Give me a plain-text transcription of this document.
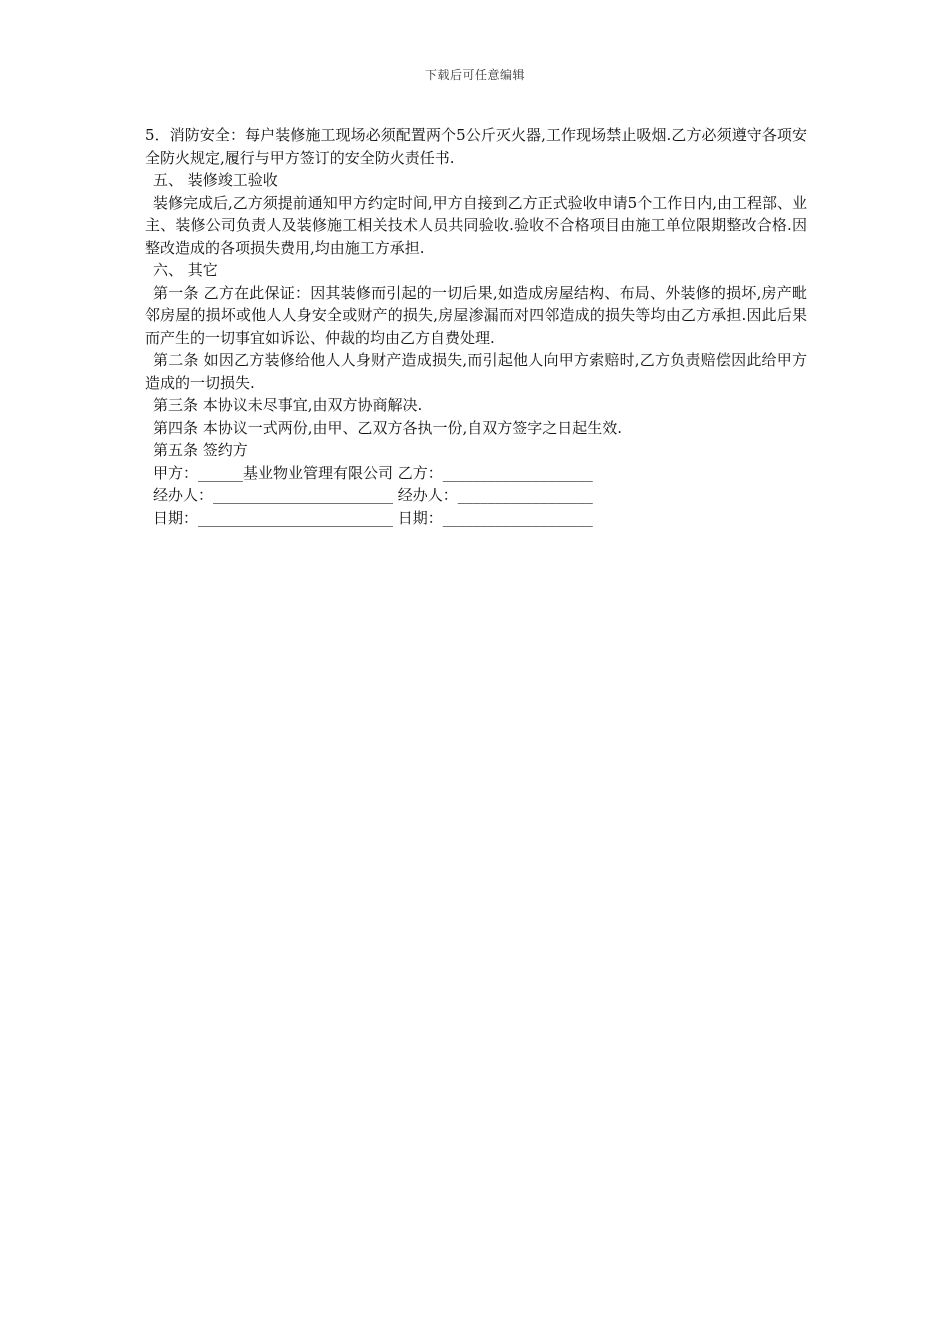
下载后可任意编辑

5．消防安全：每户装修施工现场必须配置两个5公斤灭火器,工作现场禁止吸烟.乙方必须遵守各项安全防火规定,履行与甲方签订的安全防火责任书.

五、 装修竣工验收

装修完成后,乙方须提前通知甲方约定时间,甲方自接到乙方正式验收申请5个工作日内,由工程部、业主、装修公司负责人及装修施工相关技术人员共同验收.验收不合格项目由施工单位限期整改合格.因整改造成的各项损失费用,均由施工方承担.

六、 其它

第一条 乙方在此保证：因其装修而引起的一切后果,如造成房屋结构、布局、外装修的损坏,房产毗邻房屋的损坏或他人人身安全或财产的损失,房屋渗漏而对四邻造成的损失等均由乙方承担.因此后果而产生的一切事宜如诉讼、仲裁的均由乙方自费处理.

第二条 如因乙方装修给他人人身财产造成损失,而引起他人向甲方索赔时,乙方负责赔偿因此给甲方造成的一切损失.

第三条 本协议未尽事宜,由双方协商解决.

第四条 本协议一式两份,由甲、乙双方各执一份,自双方签字之日起生效.

第五条 签约方

甲方：______基业物业管理有限公司 乙方：____________________

经办人：________________________ 经办人：__________________

日期：__________________________ 日期：____________________
